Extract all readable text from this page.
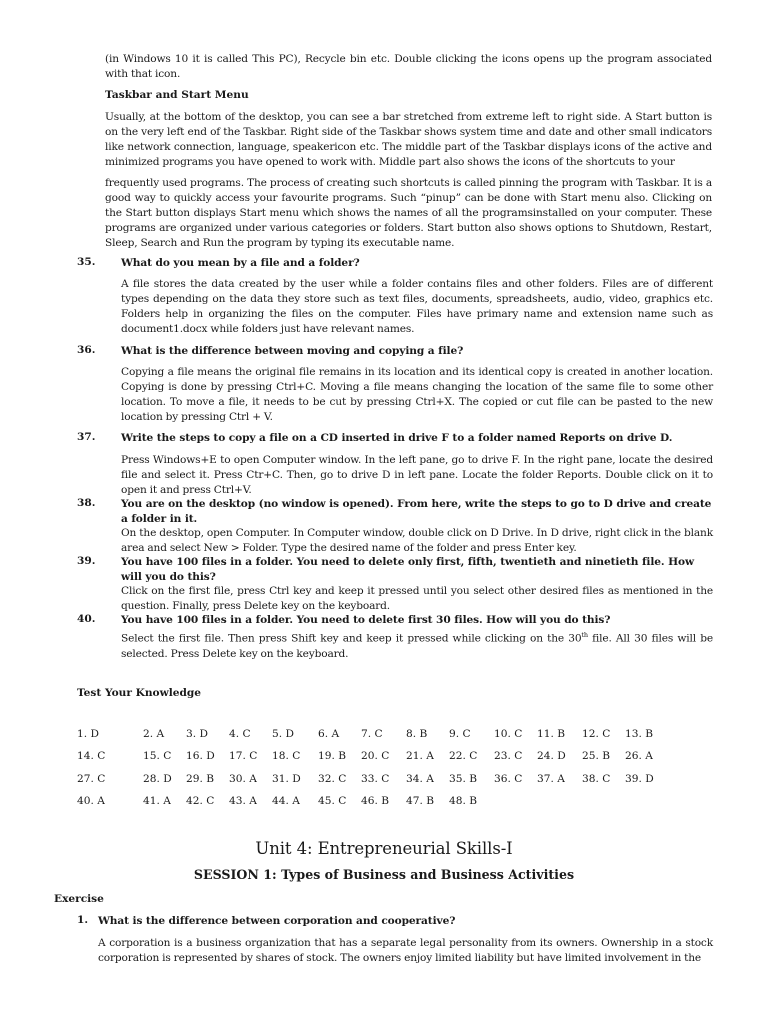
(in Windows 10 it is called This PC), Recycle bin etc. Double clicking the icons opens up the program associated with that icon.

Taskbar and Start Menu

Usually, at the bottom of the desktop, you can see a bar stretched from extreme left to right side. A Start button is on the very left end of the Taskbar. Right side of the Taskbar shows system time and date and other small indicators like network connection, language, speakericon etc. The middle part of the Taskbar displays icons of the active and minimized programs you have opened to work with. Middle part also shows the icons of the shortcuts to your

frequently used programs. The process of creating such shortcuts is called pinning the program with Taskbar. It is a good way to quickly access your favourite programs. Such “pinup” can be done with Start menu also. Clicking on the Start button displays Start menu which shows the names of all the programsinstalled on your computer. These programs are organized under various categories or folders. Start button also shows options to Shutdown, Restart, Sleep, Search and Run the program by typing its executable name.

35. What do you mean by a file and a folder?

A file stores the data created by the user while a folder contains files and other folders. Files are of different types depending on the data they store such as text files, documents, spreadsheets, audio, video, graphics etc. Folders help in organizing the files on the computer. Files have primary name and extension name such as document1.docx while folders just have relevant names.

36. What is the difference between moving and copying a file?

Copying a file means the original file remains in its location and its identical copy is created in another location. Copying is done by pressing Ctrl+C. Moving a file means changing the location of the same file to some other location. To move a file, it needs to be cut by pressing Ctrl+X. The copied or cut file can be pasted to the new location by pressing Ctrl + V.

37. Write the steps to copy a file on a CD inserted in drive F to a folder named Reports on drive D.

Press Windows+E to open Computer window. In the left pane, go to drive F. In the right pane, locate the desired file and select it. Press Ctr+C. Then, go to drive D in left pane. Locate the folder Reports. Double click on it to open it and press Ctrl+V.

38. You are on the desktop (no window is opened). From here, write the steps to go to D drive and create a folder in it.

On the desktop, open Computer. In Computer window, double click on D Drive. In D drive, right click in the blank area and select New > Folder. Type the desired name of the folder and press Enter key.

39. You have 100 files in a folder. You need to delete only first, fifth, twentieth and ninetieth file. How will you do this?

Click on the first file, press Ctrl key and keep it pressed until you select other desired files as mentioned in the question. Finally, press Delete key on the keyboard.

40. You have 100 files in a folder. You need to delete first 30 files. How will you do this?

Select the first file. Then press Shift key and keep it pressed while clicking on the 30th file. All 30 files will be selected. Press Delete key on the keyboard.

Test Your Knowledge
1. D	2. A 3. D 4. C 5. D 6. A 7. C 8. B 9. C 10. C 11. B 12. C 13. B
14. C	15. C 16. D 17. C 18. C 19. B 20. C 21. A 22. C 23. C 24. D 25. B 26. A
27. C	28. D 29. B 30. A 31. D 32. C 33. C 34. A 35. B 36. C 37. A 38. C 39. D
40. A	41. A 42. C 43. A 44. A 45. C 46. B 47. B 48. B
Unit 4: Entrepreneurial Skills-I
SESSION 1: Types of Business and Business Activities
Exercise
1. What is the difference between corporation and cooperative?

A corporation is a business organization that has a separate legal personality from its owners. Ownership in a stock corporation is represented by shares of stock. The owners enjoy limited liability but have limited involvement in the
